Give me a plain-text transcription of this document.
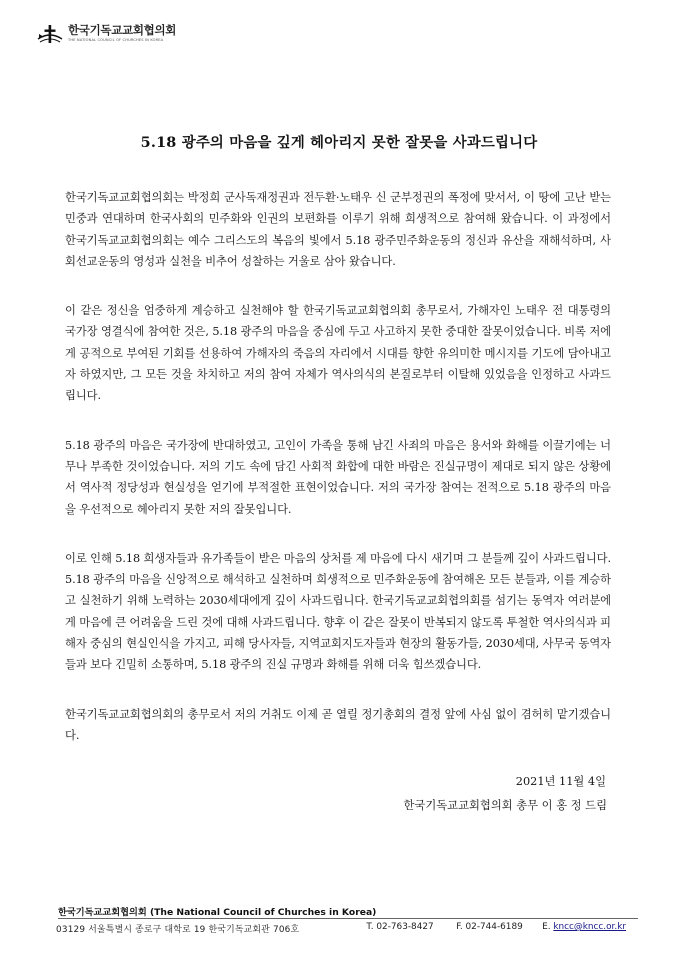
한국기독교교회협의회
THE NATIONAL COUNCIL OF CHURCHES IN KOREA
5.18 광주의 마음을 깊게 헤아리지 못한 잘못을 사과드립니다

한국기독교교회협의회는 박정희 군사독재정권과 전두환·노태우 신 군부정권의 폭정에 맞서서, 이 땅에 고난 받는 민중과 연대하며 한국사회의 민주화와 인권의 보편화를 이루기 위해 희생적으로 참여해 왔습니다. 이 과정에서 한국기독교교회협의회는 예수 그리스도의 복음의 빛에서 5.18 광주민주화운동의 정신과 유산을 재해석하며, 사회선교운동의 영성과 실천을 비추어 성찰하는 거울로 삼아 왔습니다.

이 같은 정신을 엄중하게 계승하고 실천해야 할 한국기독교교회협의회 총무로서, 가해자인 노태우 전 대통령의 국가장 영결식에 참여한 것은, 5.18 광주의 마음을 중심에 두고 사고하지 못한 중대한 잘못이었습니다. 비록 저에게 공적으로 부여된 기회를 선용하여 가해자의 죽음의 자리에서 시대를 향한 유의미한 메시지를 기도에 담아내고자 하였지만, 그 모든 것을 차치하고 저의 참여 자체가 역사의식의 본질로부터 이탈해 있었음을 인정하고 사과드립니다.

5.18 광주의 마음은 국가장에 반대하였고, 고인이 가족을 통해 남긴 사죄의 마음은 용서와 화해를 이끌기에는 너무나 부족한 것이었습니다. 저의 기도 속에 담긴 사회적 화합에 대한 바람은 진실규명이 제대로 되지 않은 상황에서 역사적 정당성과 현실성을 얻기에 부적절한 표현이었습니다. 저의 국가장 참여는 전적으로 5.18 광주의 마음을 우선적으로 헤아리지 못한 저의 잘못입니다.

이로 인해 5.18 희생자들과 유가족들이 받은 마음의 상처를 제 마음에 다시 새기며 그 분들께 깊이 사과드립니다. 5.18 광주의 마음을 신앙적으로 해석하고 실천하며 희생적으로 민주화운동에 참여해온 모든 분들과, 이를 계승하고 실천하기 위해 노력하는 2030세대에게 깊이 사과드립니다. 한국기독교교회협의회를 섬기는 동역자 여러분에게 마음에 큰 어려움을 드린 것에 대해 사과드립니다. 향후 이 같은 잘못이 반복되지 않도록 투철한 역사의식과 피해자 중심의 현실인식을 가지고, 피해 당사자들, 지역교회지도자들과 현장의 활동가들, 2030세대, 사무국 동역자들과 보다 긴밀히 소통하며, 5.18 광주의 진실 규명과 화해를 위해 더욱 힘쓰겠습니다.

한국기독교교회협의회의 총무로서 저의 거취도 이제 곧 열릴 정기총회의 결정 앞에 사심 없이 겸허히 맡기겠습니다.

2021년 11월 4일
한국기독교교회협의회 총무 이 홍 정 드림
한국기독교교회협의회 (The National Council of Churches in Korea)
03129 서울특별시 종로구 대학로 19 한국기독교회관 706호	T. 02-763-8427	F. 02-744-6189	E. kncc@kncc.or.kr
